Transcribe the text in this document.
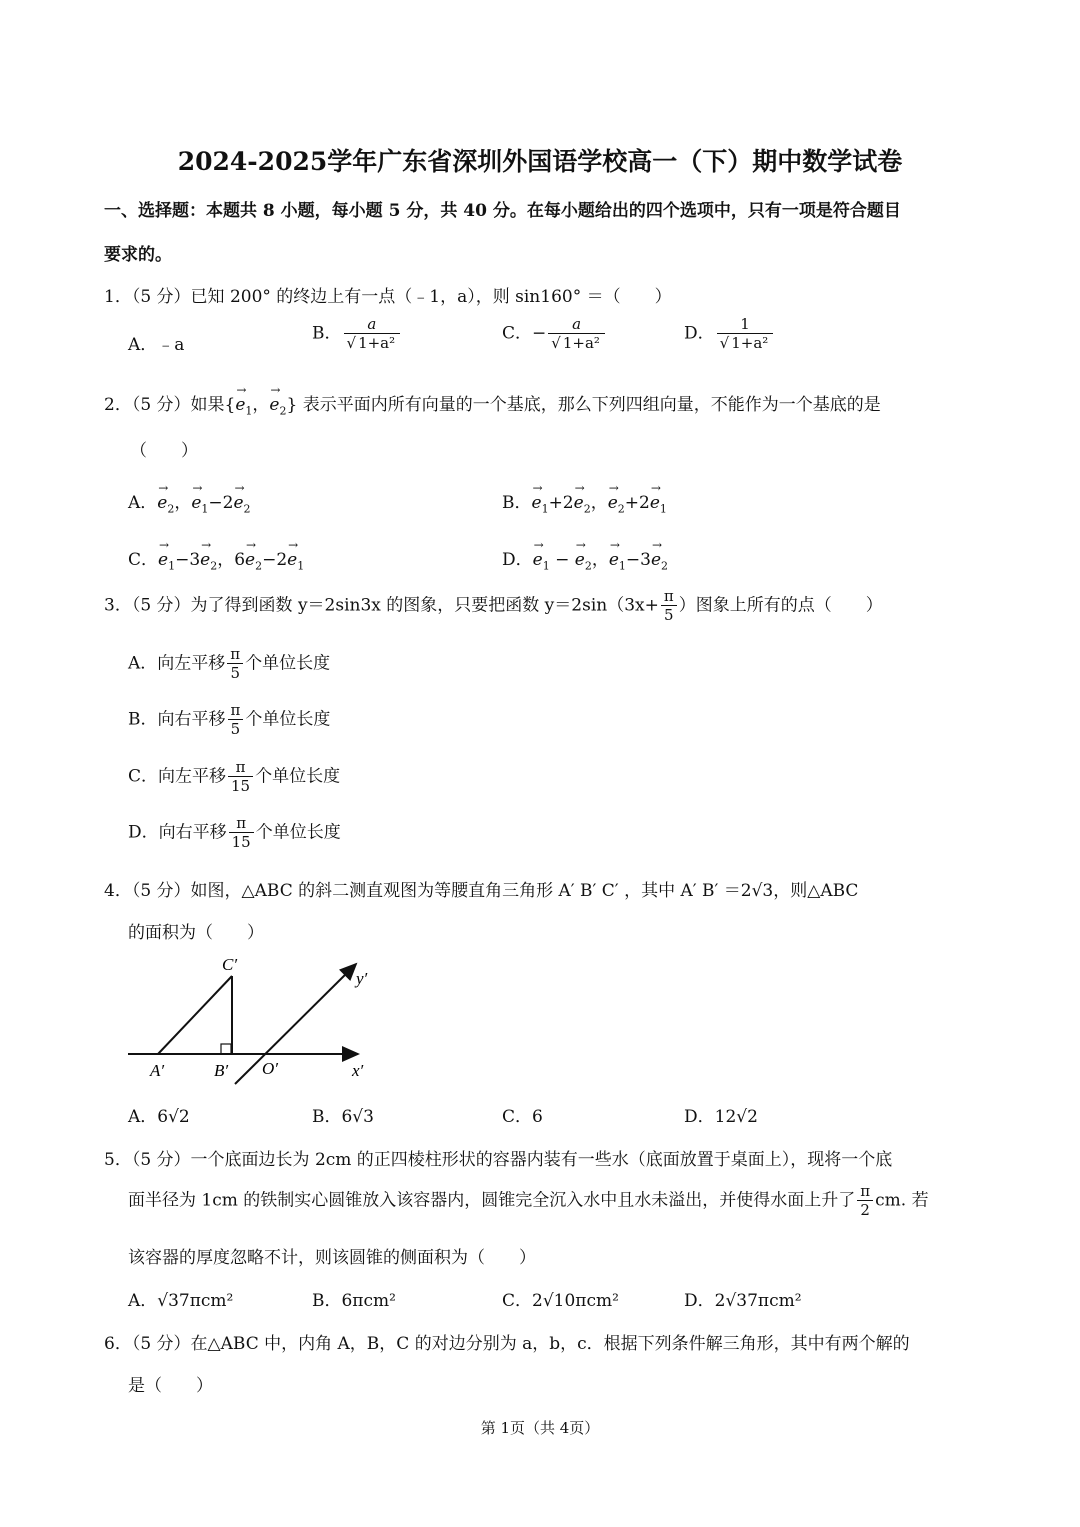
2024-2025学年广东省深圳外国语学校高一（下）期中数学试卷
一、选择题：本题共 8 小题，每小题 5 分，共 40 分。在每小题给出的四个选项中，只有一项是符合题目
要求的。
1．（5 分）已知 200° 的终边上有一点（﹣1，a），则 sin160° ＝（　　）
A．﹣a
B． $\frac{a}{\text{√ 1+a²}}$	C．− $\frac{a}{\text{√ 1+a²}}$	D． $\frac{1}{\text{√ 1+a²}}$
2．（5 分）如果{→ $e_1$，→ $e_2$} 表示平面内所有向量的一个基底，那么下列四组向量，不能作为一个基底的是
（　　）
A．→ $e_2$，→ $e_1-2\to e_2$	B．→ $e_1+2\to e_2$，→ $e_2+2\to e_1$
C．→ $e_1-3\to e_2$，$6\to e_2-2\to e_1$	D．→ $e_1$ − → $e_2$，→ $e_1-3\to e_2$
3．（5 分）为了得到函数 y＝2sin3x 的图象，只要把函数 $y=2\sin(3x+ \frac{\pi}{5}$ ）图象上所有的点（　　）
A．向左平移 $\frac{\pi}{5}$ 个单位长度
B．向右平移 $\frac{\pi}{5}$ 个单位长度
C．向左平移 $\frac{\pi}{15}$ 个单位长度
D．向右平移 $\frac{\pi}{15}$ 个单位长度
4．（5 分）如图，△ABC 的斜二测直观图为等腰直角三角形 A′ B′ C′ ，其中 A′ B′ ＝2√3，则△ABC
的面积为（　　）
C′
A′	B′ O′	x′
y′
A．6√2	B．6√3	C．6	D．12√2
5．（5 分）一个底面边长为 2cm 的正四棱柱形状的容器内装有一些水（底面放置于桌面上），现将一个底
面半径为 1cm 的铁制实心圆锥放入该容器内，圆锥完全沉入水中且水未溢出，并使得水面上升了 $\frac{\pi}{2}$ cm. 若
该容器的厚度忽略不计，则该圆锥的侧面积为（　　）
A．√37πcm²	B．6πcm²	C．2√10πcm²	D．2√37πcm²
6．（5 分）在△ABC 中，内角 A，B，C 的对边分别为 a，b，c．根据下列条件解三角形，其中有两个解的
是（　　）
第 1页（共 4页）
